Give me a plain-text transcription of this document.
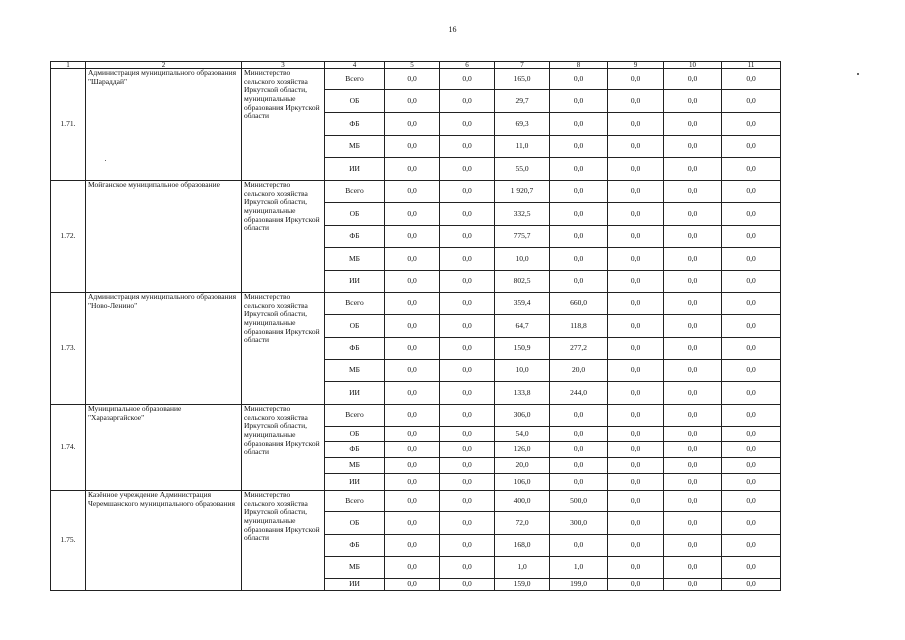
16
1	2	3	4	5	6	7	8	9	10	11
1.71.	Администрация муниципального образования "Шараддай"	Министерство сельского хозяйства Иркутской области, муниципальные образования Иркутской области	Всего	0,0	0,0	165,0	0,0	0,0	0,0	0,0
			ОБ	0,0	0,0	29,7	0,0	0,0	0,0	0,0
			ФБ	0,0	0,0	69,3	0,0	0,0	0,0	0,0
			МБ	0,0	0,0	11,0	0,0	0,0	0,0	0,0
			ИИ	0,0	0,0	55,0	0,0	0,0	0,0	0,0
1.72.	Мойганское муниципальное образование	Министерство сельского хозяйства Иркутской области, муниципальные образования Иркутской области	Всего	0,0	0,0	1 920,7	0,0	0,0	0,0	0,0
			ОБ	0,0	0,0	332,5	0,0	0,0	0,0	0,0
			ФБ	0,0	0,0	775,7	0,0	0,0	0,0	0,0
			МБ	0,0	0,0	10,0	0,0	0,0	0,0	0,0
			ИИ	0,0	0,0	802,5	0,0	0,0	0,0	0,0
1.73.	Администрация муниципального образования "Ново-Ленино"	Министерство сельского хозяйства Иркутской области, муниципальные образования Иркутской области	Всего	0,0	0,0	359,4	660,0	0,0	0,0	0,0
			ОБ	0,0	0,0	64,7	118,8	0,0	0,0	0,0
			ФБ	0,0	0,0	150,9	277,2	0,0	0,0	0,0
			МБ	0,0	0,0	10,0	20,0	0,0	0,0	0,0
			ИИ	0,0	0,0	133,8	244,0	0,0	0,0	0,0
1.74.	Муниципальное образование "Харазаргайское"	Министерство сельского хозяйства Иркутской области, муниципальные образования Иркутской области	Всего	0,0	0,0	306,0	0,0	0,0	0,0	0,0
			ОБ	0,0	0,0	54,0	0,0	0,0	0,0	0,0
			ФБ	0,0	0,0	126,0	0,0	0,0	0,0	0,0
			МБ	0,0	0,0	20,0	0,0	0,0	0,0	0,0
			ИИ	0,0	0,0	106,0	0,0	0,0	0,0	0,0
1.75.	Казённое учреждение Администрация Черемшанского муниципального образования	Министерство сельского хозяйства Иркутской области, муниципальные образования Иркутской области	Всего	0,0	0,0	400,0	500,0	0,0	0,0	0,0
			ОБ	0,0	0,0	72,0	300,0	0,0	0,0	0,0
			ФБ	0,0	0,0	168,0	0,0	0,0	0,0	0,0
			МБ	0,0	0,0	1,0	1,0	0,0	0,0	0,0
			ИИ	0,0	0,0	159,0	199,0	0,0	0,0	0,0
